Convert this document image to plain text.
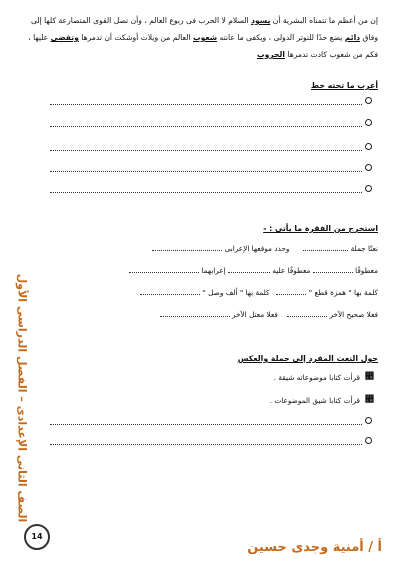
إن من أعظم ما تتمناه البشرية أن يسود السلام لا الحرب فى ربوع العالم ، وأن تصل القوى المتصارعة كلها إلى وفاق دائم يضع حدًا للتوتر الدولى ، ويكفى ما عانته شعوب العالم من ويلات أوشكت أن تدمرها وتقضى عليها ، فكم من شعوب كادت تدمرها الحروب
أعرب ما تحته خط
استخرج من الفقرة ما يأتى : -
نعتًا جملة       وحدد موقعها الإعرابى
معطوفًا  معطوفًا عليه  إعرابهما
كلمة بها " همزة قطع "    كلمة بها " ألف وصل "
فعلا صحيح الآخر     فعلا معتل الآخر
حول النعت المفرد إلى جملة والعكس
⵪
قرأت كتابا موضوعاته شيقة .
⵪
قرأت كتابا شيق الموضوعات .
الصف الثانى الإعدادى – الفصل الدراسى الأول
14
أ / أمنية وجدى حسين
